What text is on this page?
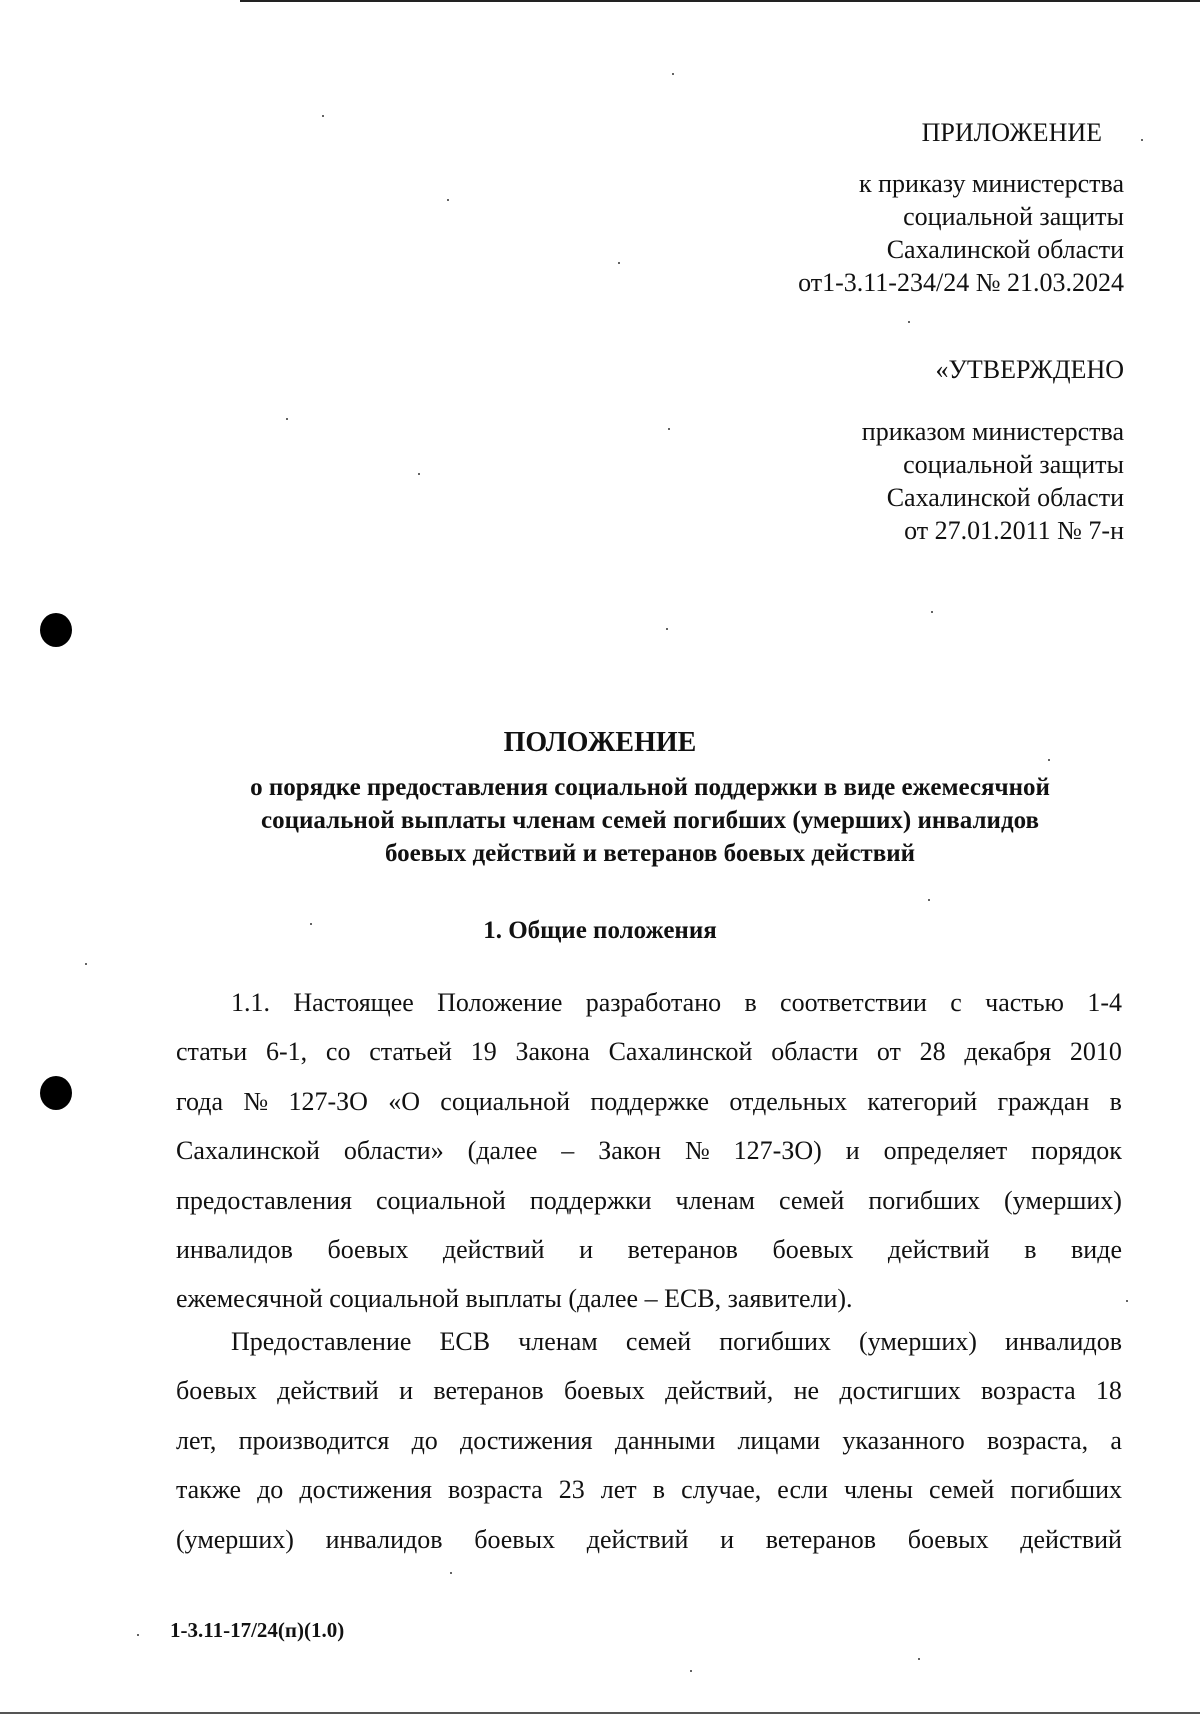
ПРИЛОЖЕНИЕ
к приказу министерства
социальной защиты
Сахалинской области
от1-3.11-234/24 № 21.03.2024
«УТВЕРЖДЕНО
приказом министерства
социальной защиты
Сахалинской области
от 27.01.2011 № 7-н
ПОЛОЖЕНИЕ
о порядке предоставления социальной поддержки в виде ежемесячной
социальной выплаты членам семей погибших (умерших) инвалидов
боевых действий и ветеранов боевых действий
1. Общие положения
1.1. Настоящее Положение разработано в соответствии с частью 1-4
статьи 6-1, со статьей 19 Закона Сахалинской области от 28 декабря 2010
года № 127-ЗО «О социальной поддержке отдельных категорий граждан в
Сахалинской области» (далее – Закон № 127-ЗО) и определяет порядок
предоставления социальной поддержки членам семей погибших (умерших)
инвалидов боевых действий и ветеранов боевых действий в виде
ежемесячной социальной выплаты (далее – ЕСВ, заявители).
Предоставление ЕСВ членам семей погибших (умерших) инвалидов
боевых действий и ветеранов боевых действий, не достигших возраста 18
лет, производится до достижения данными лицами указанного возраста, а
также до достижения возраста 23 лет в случае, если члены семей погибших
(умерших) инвалидов боевых действий и ветеранов боевых действий
1-3.11-17/24(п)(1.0)
